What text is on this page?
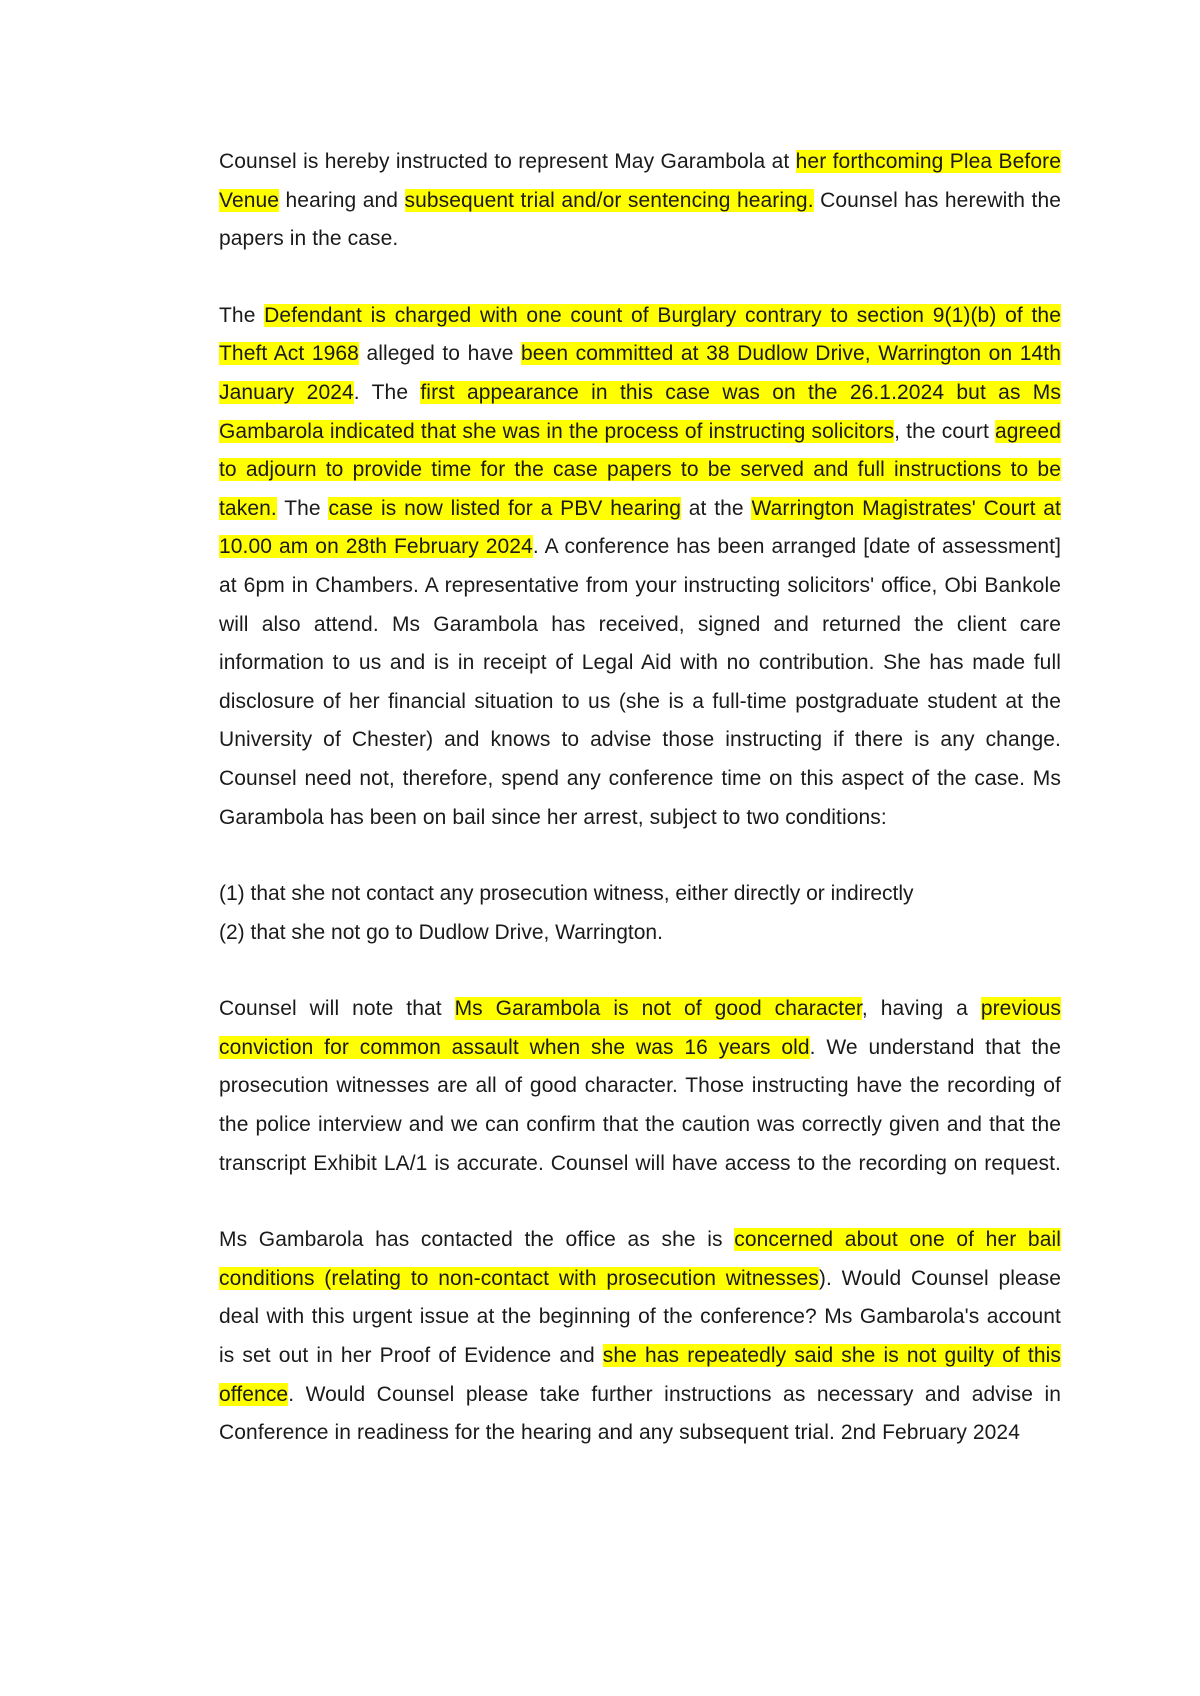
Counsel is hereby instructed to represent May Garambola at her forthcoming Plea Before Venue hearing and subsequent trial and/or sentencing hearing. Counsel has herewith the papers in the case.

The Defendant is charged with one count of Burglary contrary to section 9(1)(b) of the Theft Act 1968 alleged to have been committed at 38 Dudlow Drive, Warrington on 14th January 2024. The first appearance in this case was on the 26.1.2024 but as Ms Gambarola indicated that she was in the process of instructing solicitors, the court agreed to adjourn to provide time for the case papers to be served and full instructions to be taken. The case is now listed for a PBV hearing at the Warrington Magistrates' Court at 10.00 am on 28th February 2024. A conference has been arranged [date of assessment] at 6pm in Chambers. A representative from your instructing solicitors' office, Obi Bankole will also attend. Ms Garambola has received, signed and returned the client care information to us and is in receipt of Legal Aid with no contribution. She has made full disclosure of her financial situation to us (she is a full-time postgraduate student at the University of Chester) and knows to advise those instructing if there is any change. Counsel need not, therefore, spend any conference time on this aspect of the case. Ms Garambola has been on bail since her arrest, subject to two conditions:

(1) that she not contact any prosecution witness, either directly or indirectly
(2) that she not go to Dudlow Drive, Warrington.

Counsel will note that Ms Garambola is not of good character, having a previous conviction for common assault when she was 16 years old. We understand that the prosecution witnesses are all of good character. Those instructing have the recording of the police interview and we can confirm that the caution was correctly given and that the transcript Exhibit LA/1 is accurate. Counsel will have access to the recording on request.

Ms Gambarola has contacted the office as she is concerned about one of her bail conditions (relating to non-contact with prosecution witnesses). Would Counsel please deal with this urgent issue at the beginning of the conference? Ms Gambarola's account is set out in her Proof of Evidence and she has repeatedly said she is not guilty of this offence. Would Counsel please take further instructions as necessary and advise in Conference in readiness for the hearing and any subsequent trial. 2nd February 2024
